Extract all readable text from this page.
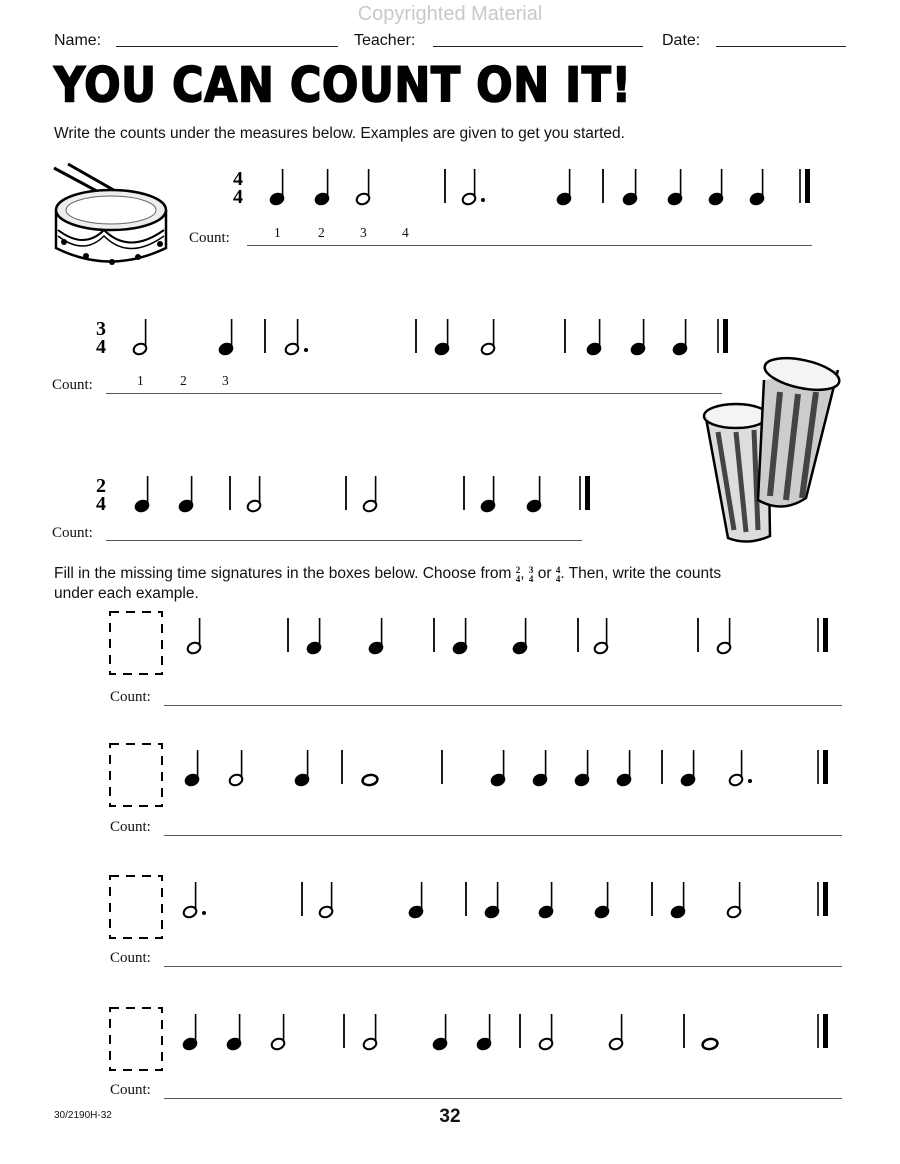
Copyrighted Material
Name:	Teacher:	Date:
YOU CAN COUNT ON IT!
Write the counts under the measures below. Examples are given to get you started.
4
4
Count:	1	2	3	4
3
4
Count:	1	2	3
2
4
Count:
Fill in the missing time signatures in the boxes below. Choose from 2
4, 3
4 or 4
4. Then, write the counts
under each example.
Count:
Count:
Count:
Count:
30/2190H-32	32
